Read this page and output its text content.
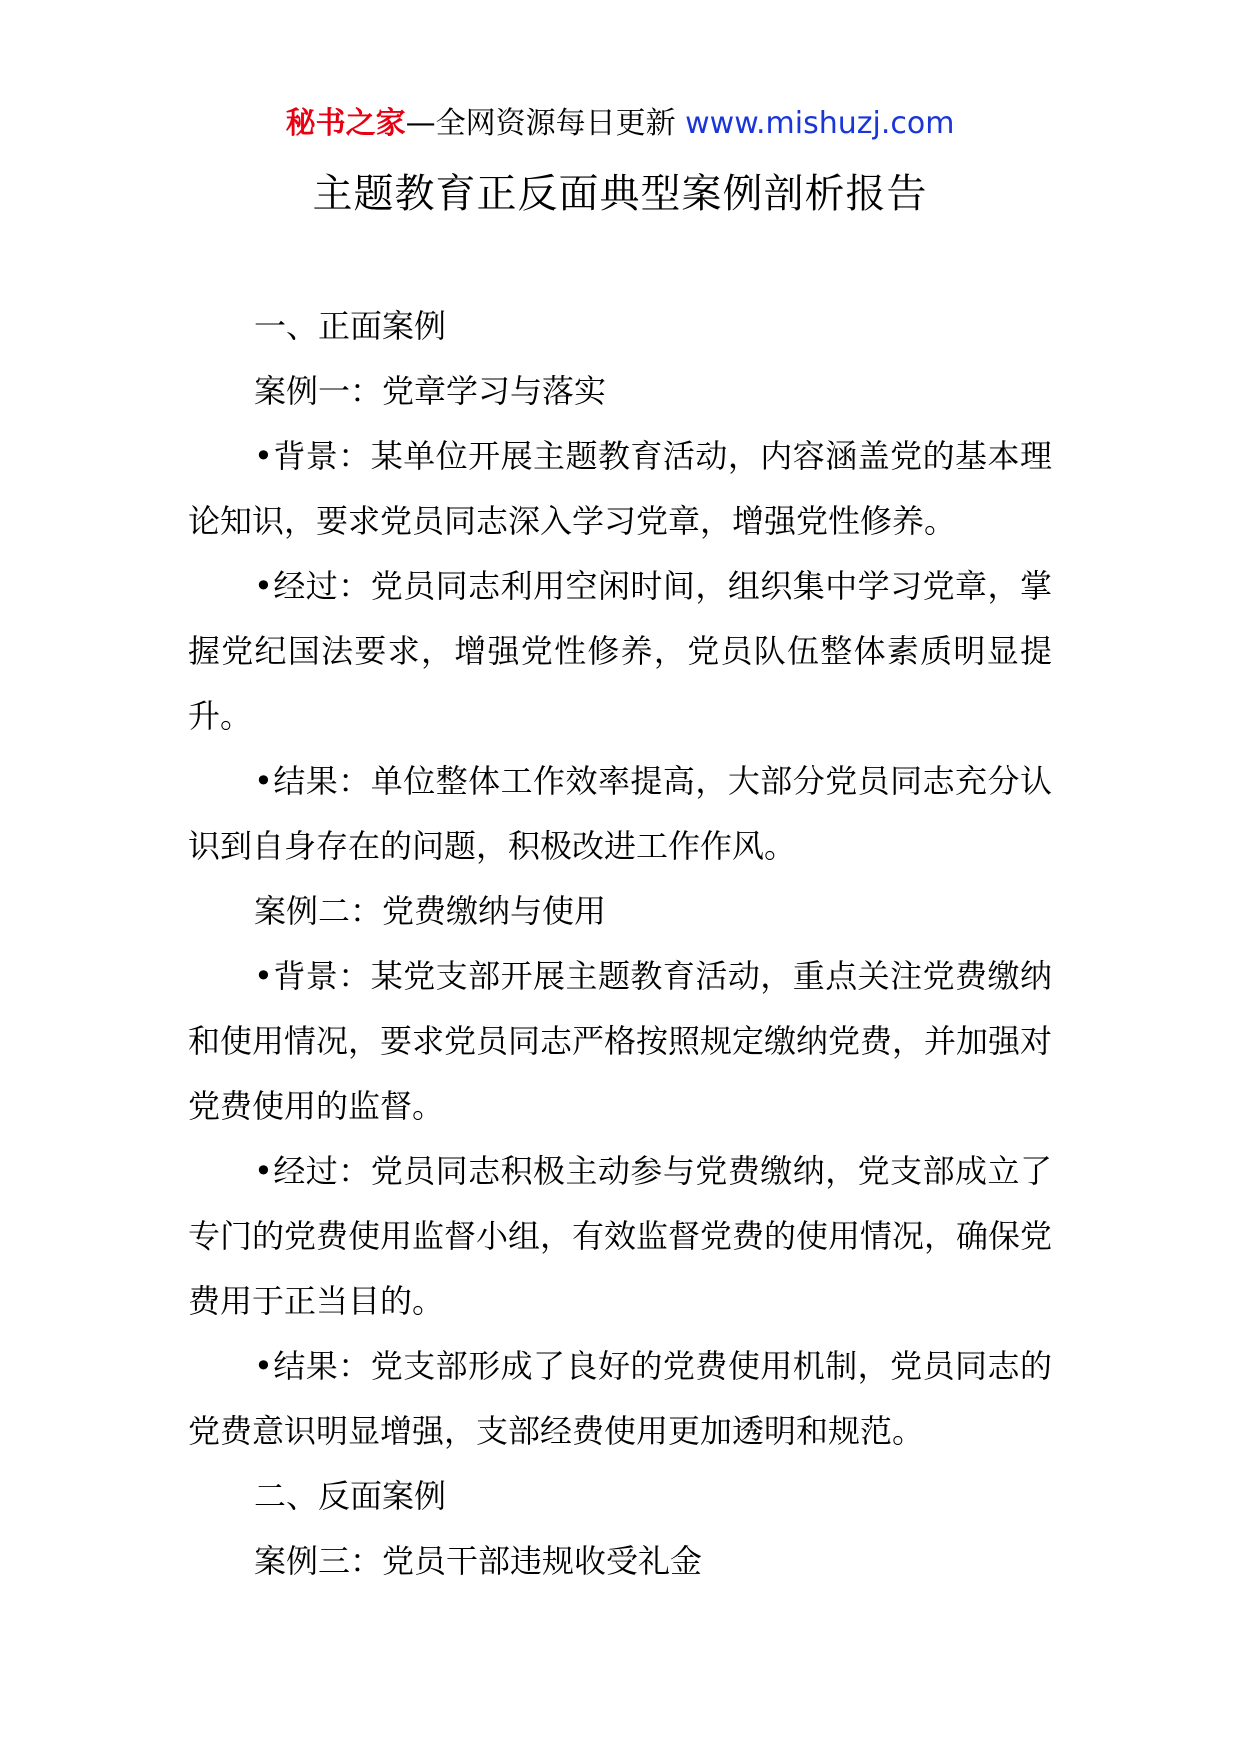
秘书之家—全网资源每日更新 www.mishuzj.com
主题教育正反面典型案例剖析报告

一、正面案例

案例一：党章学习与落实

•背景：某单位开展主题教育活动，内容涵盖党的基本理论知识，要求党员同志深入学习党章，增强党性修养。

•经过：党员同志利用空闲时间，组织集中学习党章，掌握党纪国法要求，增强党性修养，党员队伍整体素质明显提升。

•结果：单位整体工作效率提高，大部分党员同志充分认识到自身存在的问题，积极改进工作作风。

案例二：党费缴纳与使用

•背景：某党支部开展主题教育活动，重点关注党费缴纳和使用情况，要求党员同志严格按照规定缴纳党费，并加强对党费使用的监督。

•经过：党员同志积极主动参与党费缴纳，党支部成立了专门的党费使用监督小组，有效监督党费的使用情况，确保党费用于正当目的。

•结果：党支部形成了良好的党费使用机制，党员同志的党费意识明显增强，支部经费使用更加透明和规范。

二、反面案例

案例三：党员干部违规收受礼金
